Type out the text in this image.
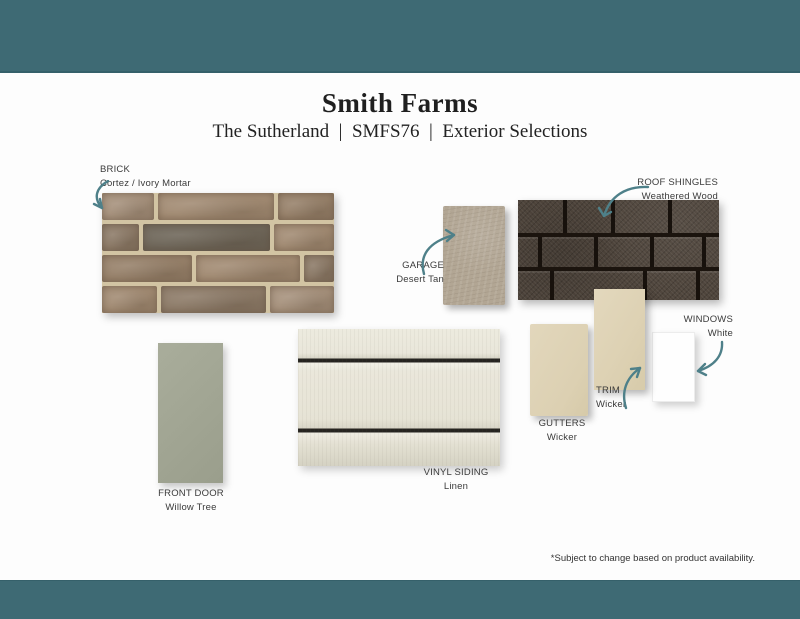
Smith Farms
The Sutherland  |  SMFS76  |  Exterior Selections
BRICK
Cortez / Ivory Mortar
GARAGE
Desert Tan
ROOF SHINGLES
Weathered Wood
WINDOWS
White
TRIM
Wicker
GUTTERS
Wicker
VINYL SIDING
Linen
FRONT DOOR
Willow Tree
*Subject to change based on product availability.
